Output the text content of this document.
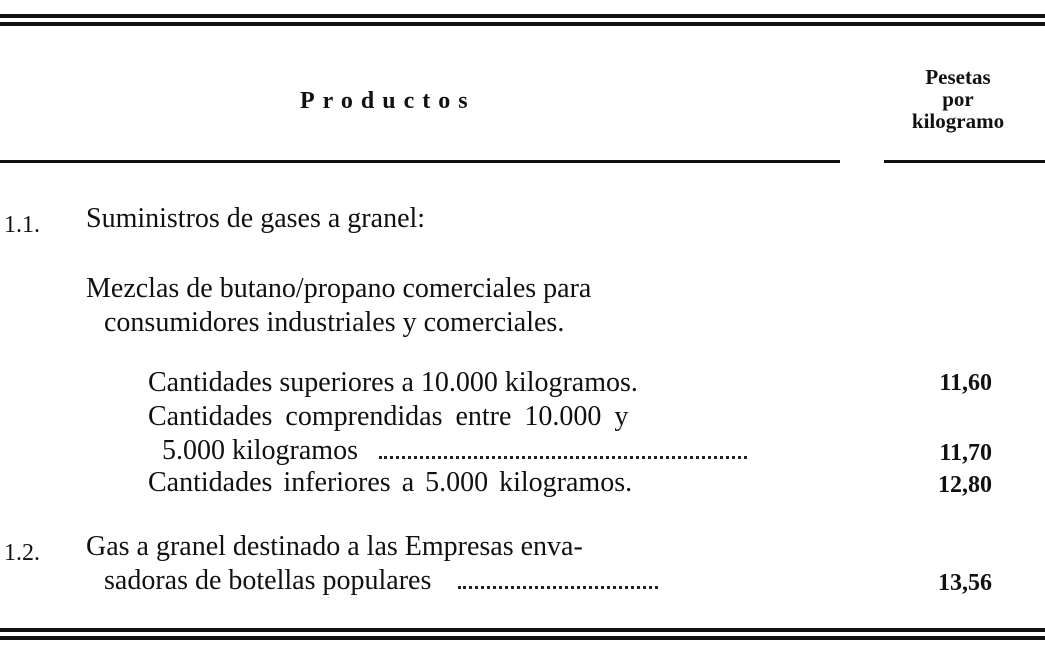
Productos
Pesetas
por
kilogramo
1.1. Suministros de gases a granel:
Mezclas de butano/propano comerciales para
consumidores industriales y comerciales.
Cantidades superiores a 10.000 kilogramos.	11,60
Cantidades comprendidas entre 10.000 y
5.000 kilogramos	11,70
Cantidades inferiores a 5.000 kilogramos.	12,80
1.2. Gas a granel destinado a las Empresas enva-
sadoras de botellas populares	13,56
